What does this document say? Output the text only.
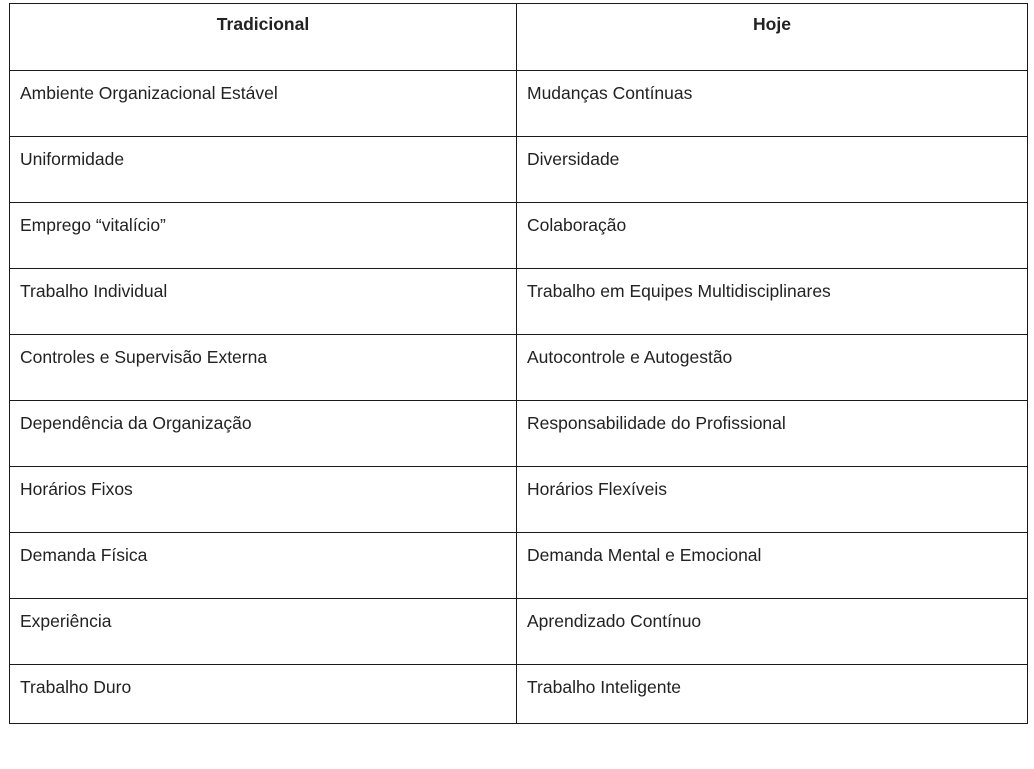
Tradicional	Hoje
Ambiente Organizacional Estável	Mudanças Contínuas
Uniformidade	Diversidade
Emprego “vitalício”	Colaboração
Trabalho Individual	Trabalho em Equipes Multidisciplinares
Controles e Supervisão Externa	Autocontrole e Autogestão
Dependência da Organização	Responsabilidade do Profissional
Horários Fixos	Horários Flexíveis
Demanda Física	Demanda Mental e Emocional
Experiência	Aprendizado Contínuo
Trabalho Duro	Trabalho Inteligente
